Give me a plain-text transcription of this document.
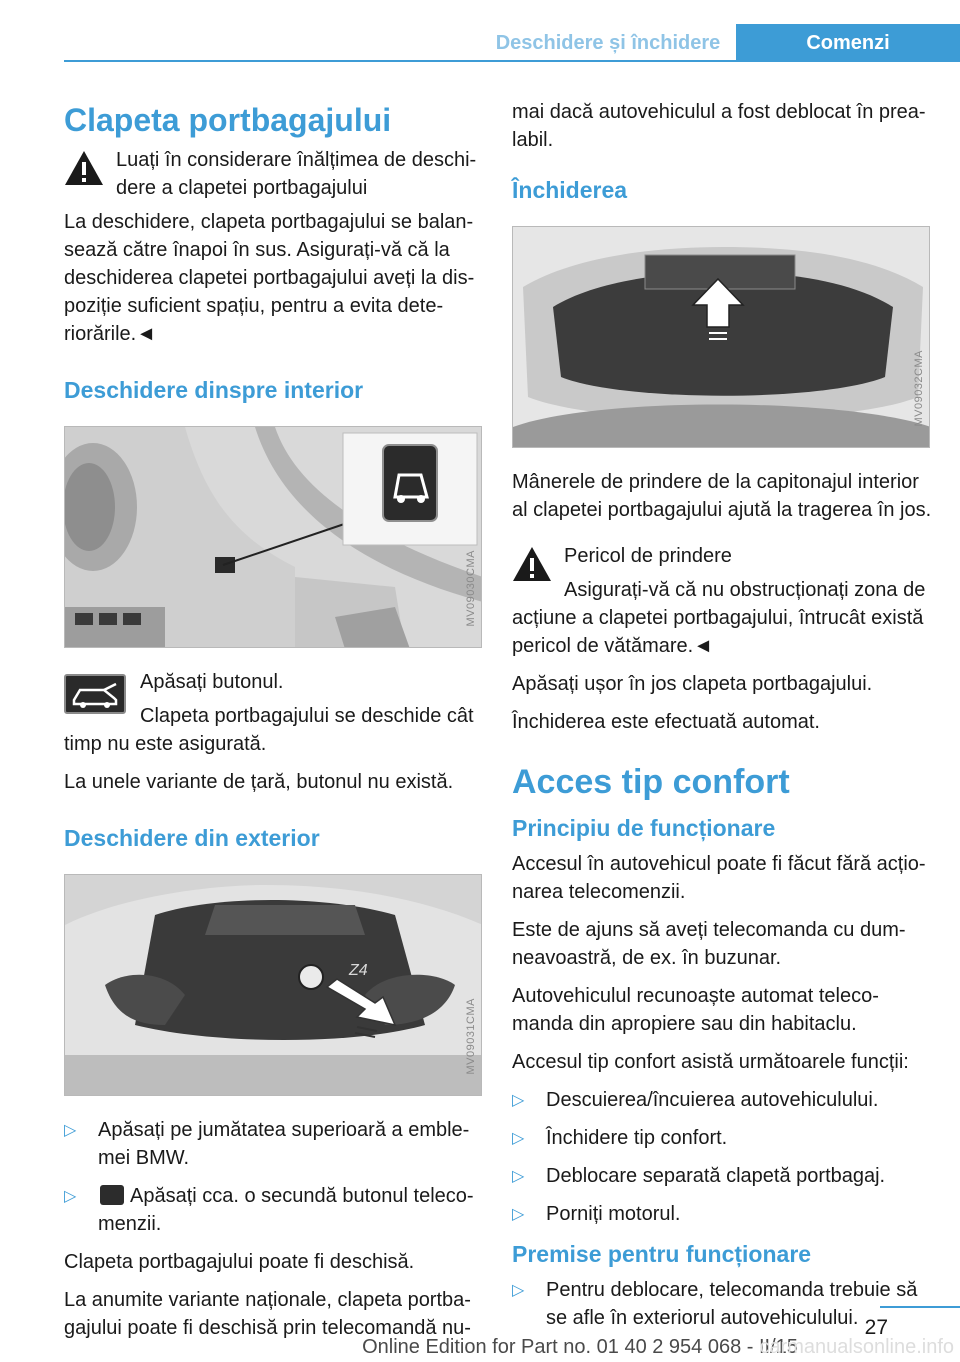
Deschidere și închidere	Comenzi
Clapeta portbagajului

Luați în considerare înălțimea de deschi-dere a clapetei portbagajului

La deschidere, clapeta portbagajului se balan-sează către înapoi în sus. Asigurați-vă că la deschiderea clapetei portbagajului aveți la dis-poziție suficient spațiu, pentru a evita dete-riorările.◄

Deschidere dinspre interior
MV09030CMA

Apăsați butonul.

Clapeta portbagajului se deschide cât timp nu este asigurată.

La unele variante de țară, butonul nu există.

Deschidere din exterior
Z4
MV09031CMA
▷ Apăsați pe jumătatea superioară a emble-mei BMW.
▷	Apăsați cca. o secundă butonul teleco-menzii.

Clapeta portbagajului poate fi deschisă.

La anumite variante naționale, clapeta portba-gajului poate fi deschisă prin telecomandă nu-

mai dacă autovehiculul a fost deblocat în prea-labil.

Închiderea
MV09032CMA

Mânerele de prindere de la capitonajul interior al clapetei portbagajului ajută la tragerea în jos.

Pericol de prindere

Asigurați-vă că nu obstrucționați zona de acțiune a clapetei portbagajului, întrucât există pericol de vătămare.◄

Apăsați ușor în jos clapeta portbagajului.

Închiderea este efectuată automat.

Acces tip confort
Principiu de funcționare

Accesul în autovehicul poate fi făcut fără acțio-narea telecomenzii.

Este de ajuns să aveți telecomanda cu dum-neavoastră, de ex. în buzunar.

Autovehiculul recunoaște automat teleco-manda din apropiere sau din habitaclu.

Accesul tip confort asistă următoarele funcții:

▷ Descuierea/încuierea autovehiculului.
▷ Închidere tip confort.
▷ Deblocare separată clapetă portbagaj.
▷ Porniți motorul.
Premise pentru funcționare
▷ Pentru deblocare, telecomanda trebuie să se afle în exteriorul autovehiculului. 27
Online Edition for Part no. 01 40 2 954 068 - II/15
carmanualsonline.info
